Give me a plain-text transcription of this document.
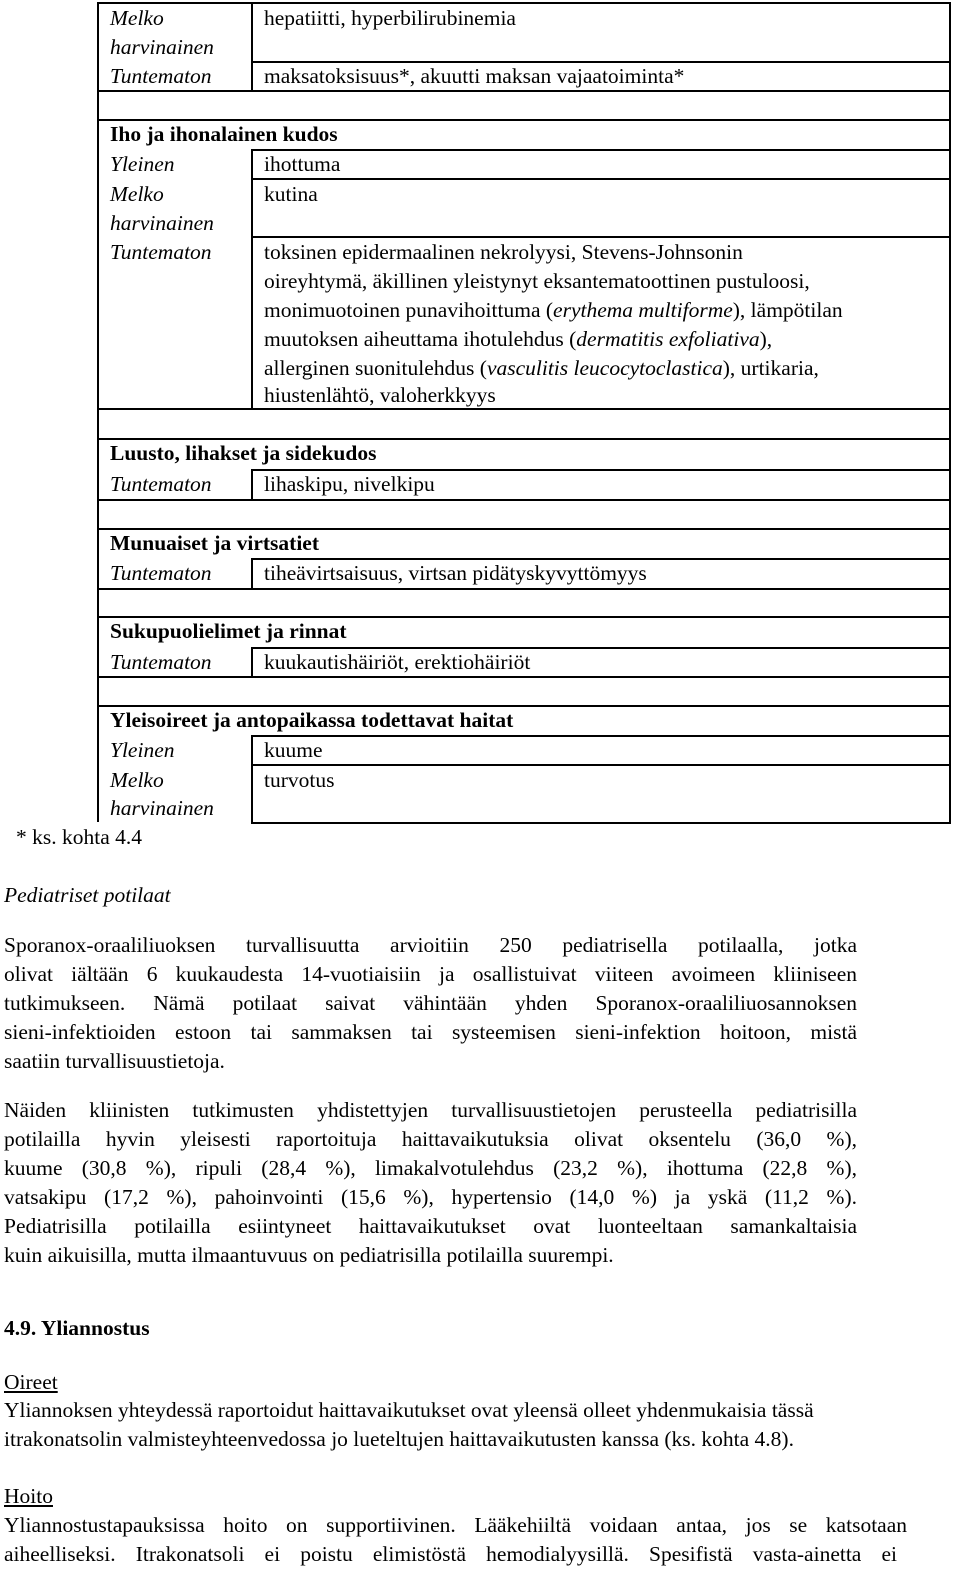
Melko
harvinainen
hepatiitti, hyperbilirubinemia
Tuntematon maksatoksisuus*, akuutti maksan vajaatoiminta*
Iho ja ihonalainen kudos
Yleinen	ihottuma
Melko
harvinainen
kutina
Tuntematon toksinen epidermaalinen nekrolyysi, Stevens-Johnsonin
oireyhtymä, äkillinen yleistynyt eksantematoottinen pustuloosi,
monimuotoinen punavihoittuma (erythema multiforme), lämpötilan
muutoksen aiheuttama ihotulehdus (dermatitis exfoliativa),
allerginen suonitulehdus (vasculitis leucocytoclastica), urtikaria,
hiustenlähtö, valoherkkyys
Luusto, lihakset ja sidekudos
Tuntematon lihaskipu, nivelkipu
Munuaiset ja virtsatiet
Tuntematon tiheävirtsaisuus, virtsan pidätyskyvyttömyys
Sukupuolielimet ja rinnat
Tuntematon kuukautishäiriöt, erektiohäiriöt
Yleisoireet ja antopaikassa todettavat haitat
Yleinen	kuume
Melko
harvinainen
turvotus
* ks. kohta 4.4
Pediatriset potilaat
Sporanox-oraaliliuoksen turvallisuutta arvioitiin 250 pediatrisella potilaalla, jotka
olivat iältään 6 kuukaudesta 14-vuotiaisiin ja osallistuivat viiteen avoimeen kliiniseen
tutkimukseen. Nämä potilaat saivat vähintään yhden Sporanox-oraaliliuosannoksen
sieni-infektioiden estoon tai sammaksen tai systeemisen sieni-infektion hoitoon, mistä
saatiin turvallisuustietoja.
Näiden kliinisten tutkimusten yhdistettyjen turvallisuustietojen perusteella pediatrisilla
potilailla hyvin yleisesti raportoituja haittavaikutuksia olivat oksentelu (36,0 %),
kuume (30,8 %), ripuli (28,4 %), limakalvotulehdus (23,2 %), ihottuma (22,8 %),
vatsakipu (17,2 %), pahoinvointi (15,6 %), hypertensio (14,0 %) ja yskä (11,2 %).
Pediatrisilla potilailla esiintyneet haittavaikutukset ovat luonteeltaan samankaltaisia
kuin aikuisilla, mutta ilmaantuvuus on pediatrisilla potilailla suurempi.
4.9. Yliannostus
Oireet
Yliannoksen yhteydessä raportoidut haittavaikutukset ovat yleensä olleet yhdenmukaisia tässä
itrakonatsolin valmisteyhteenvedossa jo lueteltujen haittavaikutusten kanssa (ks. kohta 4.8).
Hoito
Yliannostustapauksissa hoito on supportiivinen. Lääkehiiltä voidaan antaa, jos se katsotaan
aiheelliseksi. Itrakonatsoli ei poistu elimistöstä hemodialyysillä. Spesifistä vasta-ainetta ei
